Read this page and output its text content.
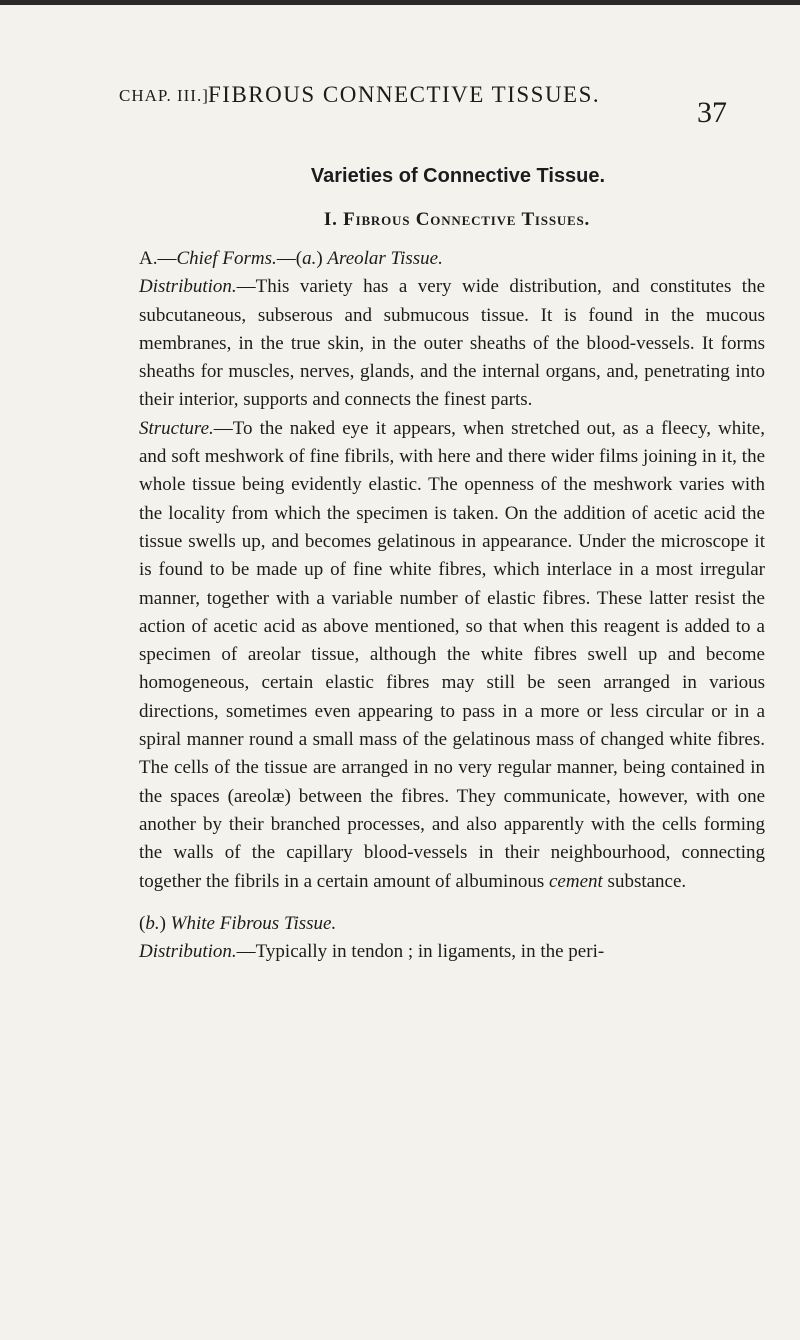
CHAP. III.] FIBROUS CONNECTIVE TISSUES.
37
Varieties of Connective Tissue.
I. Fibrous Connective Tissues.

A.—Chief Forms.—(a.) Areolar Tissue.

Distribution.—This variety has a very wide distribution, and constitutes the subcutaneous, subserous and submucous tissue. It is found in the mucous membranes, in the true skin, in the outer sheaths of the blood-vessels. It forms sheaths for muscles, nerves, glands, and the internal organs, and, penetrating into their interior, supports and connects the finest parts.

Structure.—To the naked eye it appears, when stretched out, as a fleecy, white, and soft meshwork of fine fibrils, with here and there wider films joining in it, the whole tissue being evidently elastic. The openness of the meshwork varies with the locality from which the specimen is taken. On the addition of acetic acid the tissue swells up, and becomes gelatinous in appearance. Under the microscope it is found to be made up of fine white fibres, which interlace in a most irregular manner, together with a variable number of elastic fibres. These latter resist the action of acetic acid as above mentioned, so that when this reagent is added to a specimen of areolar tissue, although the white fibres swell up and become homogeneous, certain elastic fibres may still be seen arranged in various directions, sometimes even appearing to pass in a more or less circular or in a spiral manner round a small mass of the gelatinous mass of changed white fibres. The cells of the tissue are arranged in no very regular manner, being contained in the spaces (areolæ) between the fibres. They communicate, however, with one another by their branched processes, and also apparently with the cells forming the walls of the capillary blood-vessels in their neighbourhood, connecting together the fibrils in a certain amount of albuminous cement substance.

(b.) White Fibrous Tissue.

Distribution.—Typically in tendon ; in ligaments, in the peri-
